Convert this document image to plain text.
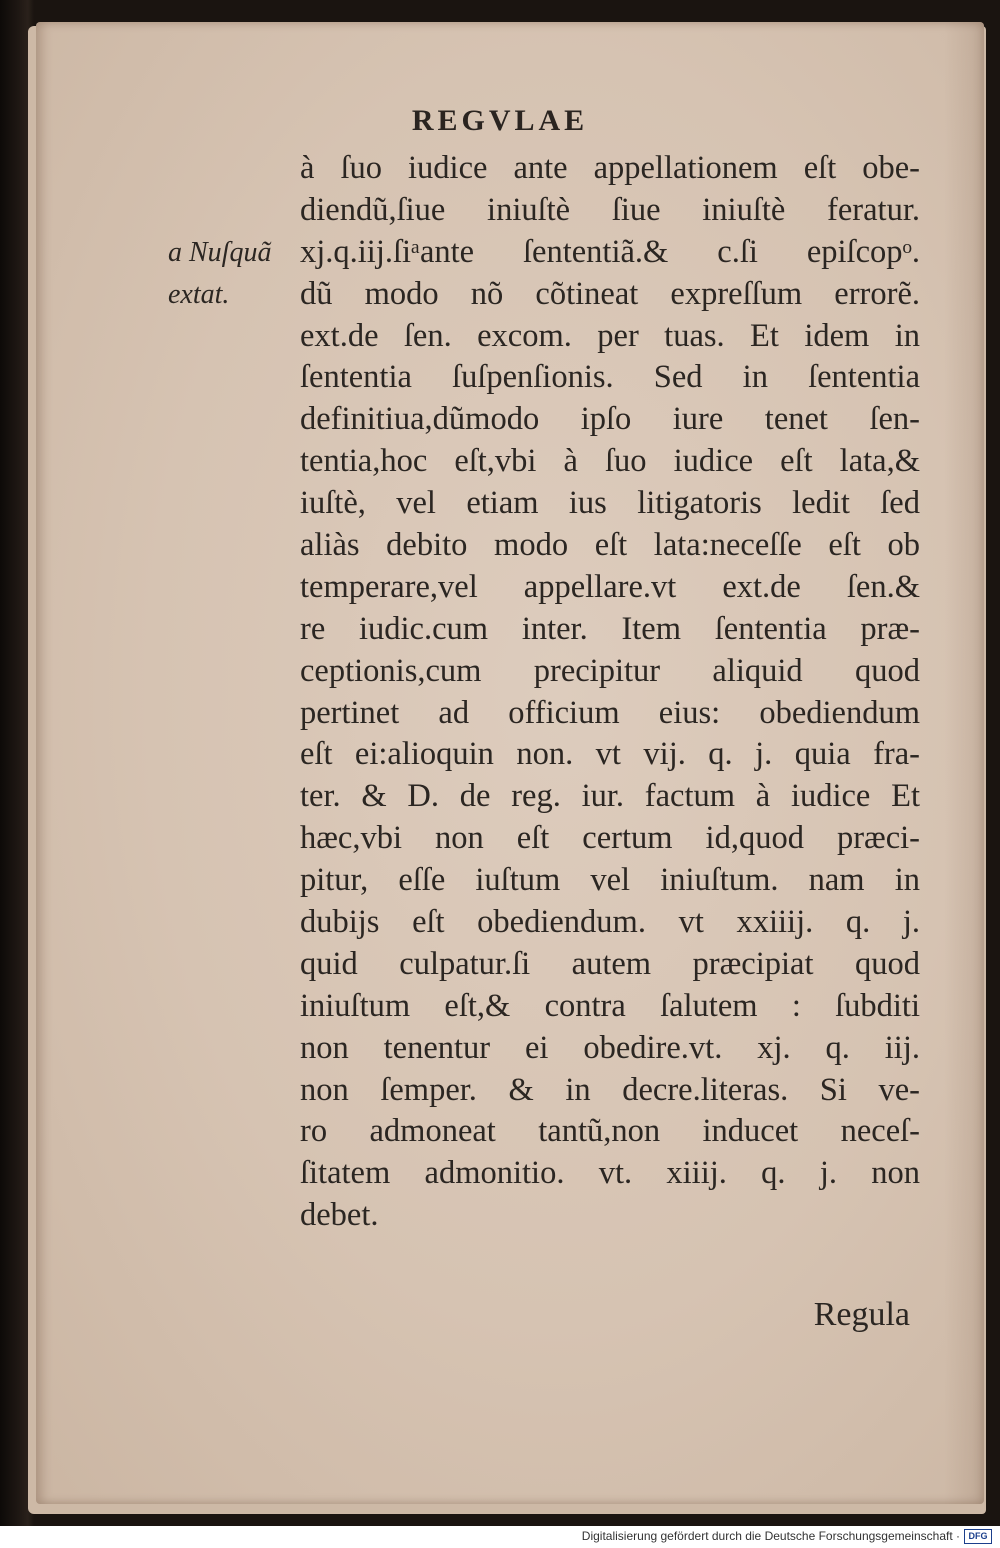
REGVLAE
a Nuſquã
extat.
à ſuo iudice ante appellationem eſt obe-
diendũ,ſiue iniuſtè ſiue iniuſtè feratur.
xj.q.iij.ſiᵃante ſententiã.& c.ſi epiſcopᵒ.
dũ modo nõ cõtineat expreſſum errorẽ.
ext.de ſen. excom. per tuas. Et idem in
ſententia ſuſpenſionis. Sed in ſententia
definitiua,dũmodo ipſo iure tenet ſen-
tentia,hoc eſt,vbi à ſuo iudice eſt lata,&
iuſtè, vel etiam ius litigatoris ledit ſed
aliàs debito modo eſt lata:neceſſe eſt ob
temperare,vel appellare.vt ext.de ſen.&
re iudic.cum inter. Item ſententia præ-
ceptionis,cum precipitur aliquid quod
pertinet ad officium eius: obediendum
eſt ei:alioquin non. vt vij. q. j. quia fra-
ter. & D. de reg. iur. factum à iudice Et
hæc,vbi non eſt certum id,quod præci-
pitur, eſſe iuſtum vel iniuſtum. nam in
dubijs eſt obediendum. vt xxiiij. q. j.
quid culpatur.ſi autem præcipiat quod
iniuſtum eſt,& contra ſalutem : ſubditi
non tenentur ei obedire.vt. xj. q. iij.
non ſemper. & in decre.literas. Si ve-
ro admoneat tantũ,non inducet neceſ-
ſitatem admonitio. vt. xiiij. q. j. non
debet.
Regula
Digitalisierung gefördert durch die Deutsche Forschungsgemeinschaft · DFG
